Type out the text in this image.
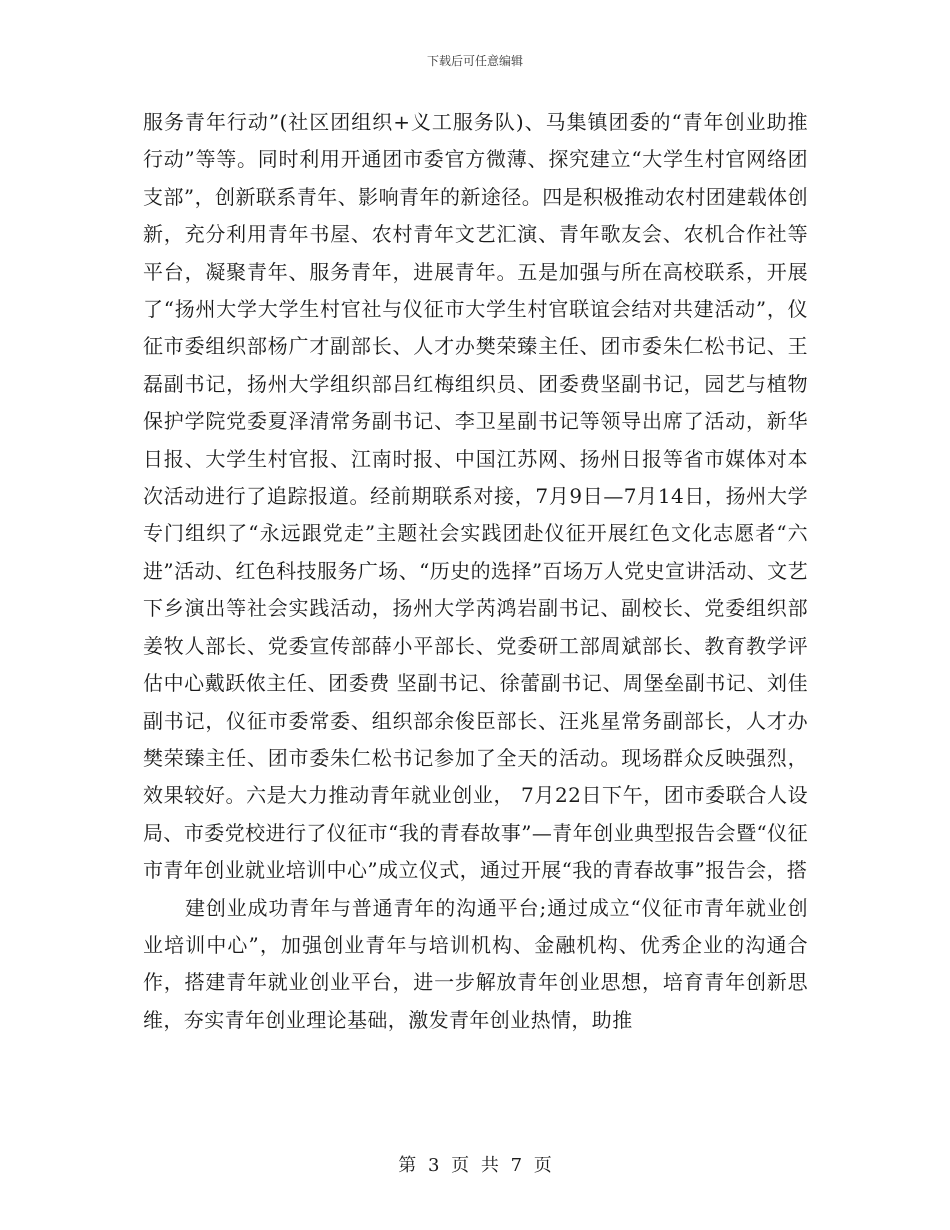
下载后可任意编辑

服务青年行动”(社区团组织+义工服务队)、马集镇团委的“青年创业助推行动”等等。同时利用开通团市委官方微薄、探究建立“大学生村官网络团支部”，创新联系青年、影响青年的新途径。四是积极推动农村团建载体创新，充分利用青年书屋、农村青年文艺汇演、青年歌友会、农机合作社等平台，凝聚青年、服务青年，进展青年。五是加强与所在高校联系，开展了“扬州大学大学生村官社与仪征市大学生村官联谊会结对共建活动”，仪征市委组织部杨广才副部长、人才办樊荣臻主任、团市委朱仁松书记、王磊副书记，扬州大学组织部吕红梅组织员、团委费坚副书记，园艺与植物保护学院党委夏泽清常务副书记、李卫星副书记等领导出席了活动，新华日报、大学生村官报、江南时报、中国江苏网、扬州日报等省市媒体对本次活动进行了追踪报道。经前期联系对接，7月9日—7月14日，扬州大学专门组织了“永远跟党走”主题社会实践团赴仪征开展红色文化志愿者“六进”活动、红色科技服务广场、“历史的选择”百场万人党史宣讲活动、文艺下乡演出等社会实践活动，扬州大学芮鸿岩副书记、副校长、党委组织部姜牧人部长、党委宣传部薛小平部长、党委研工部周斌部长、教育教学评估中心戴跃侬主任、团委费 坚副书记、徐蕾副书记、周堡垒副书记、刘佳副书记，仪征市委常委、组织部余俊臣部长、汪兆星常务副部长，人才办樊荣臻主任、团市委朱仁松书记参加了全天的活动。现场群众反映强烈，效果较好。六是大力推动青年就业创业， 7月22日下午，团市委联合人设局、市委党校进行了仪征市“我的青春故事”—青年创业典型报告会暨“仪征市青年创业就业培训中心”成立仪式，通过开展“我的青春故事”报告会，搭

建创业成功青年与普通青年的沟通平台;通过成立“仪征市青年就业创业培训中心”，加强创业青年与培训机构、金融机构、优秀企业的沟通合作，搭建青年就业创业平台，进一步解放青年创业思想，培育青年创新思维，夯实青年创业理论基础，激发青年创业热情，助推

第 3 页 共 7 页
